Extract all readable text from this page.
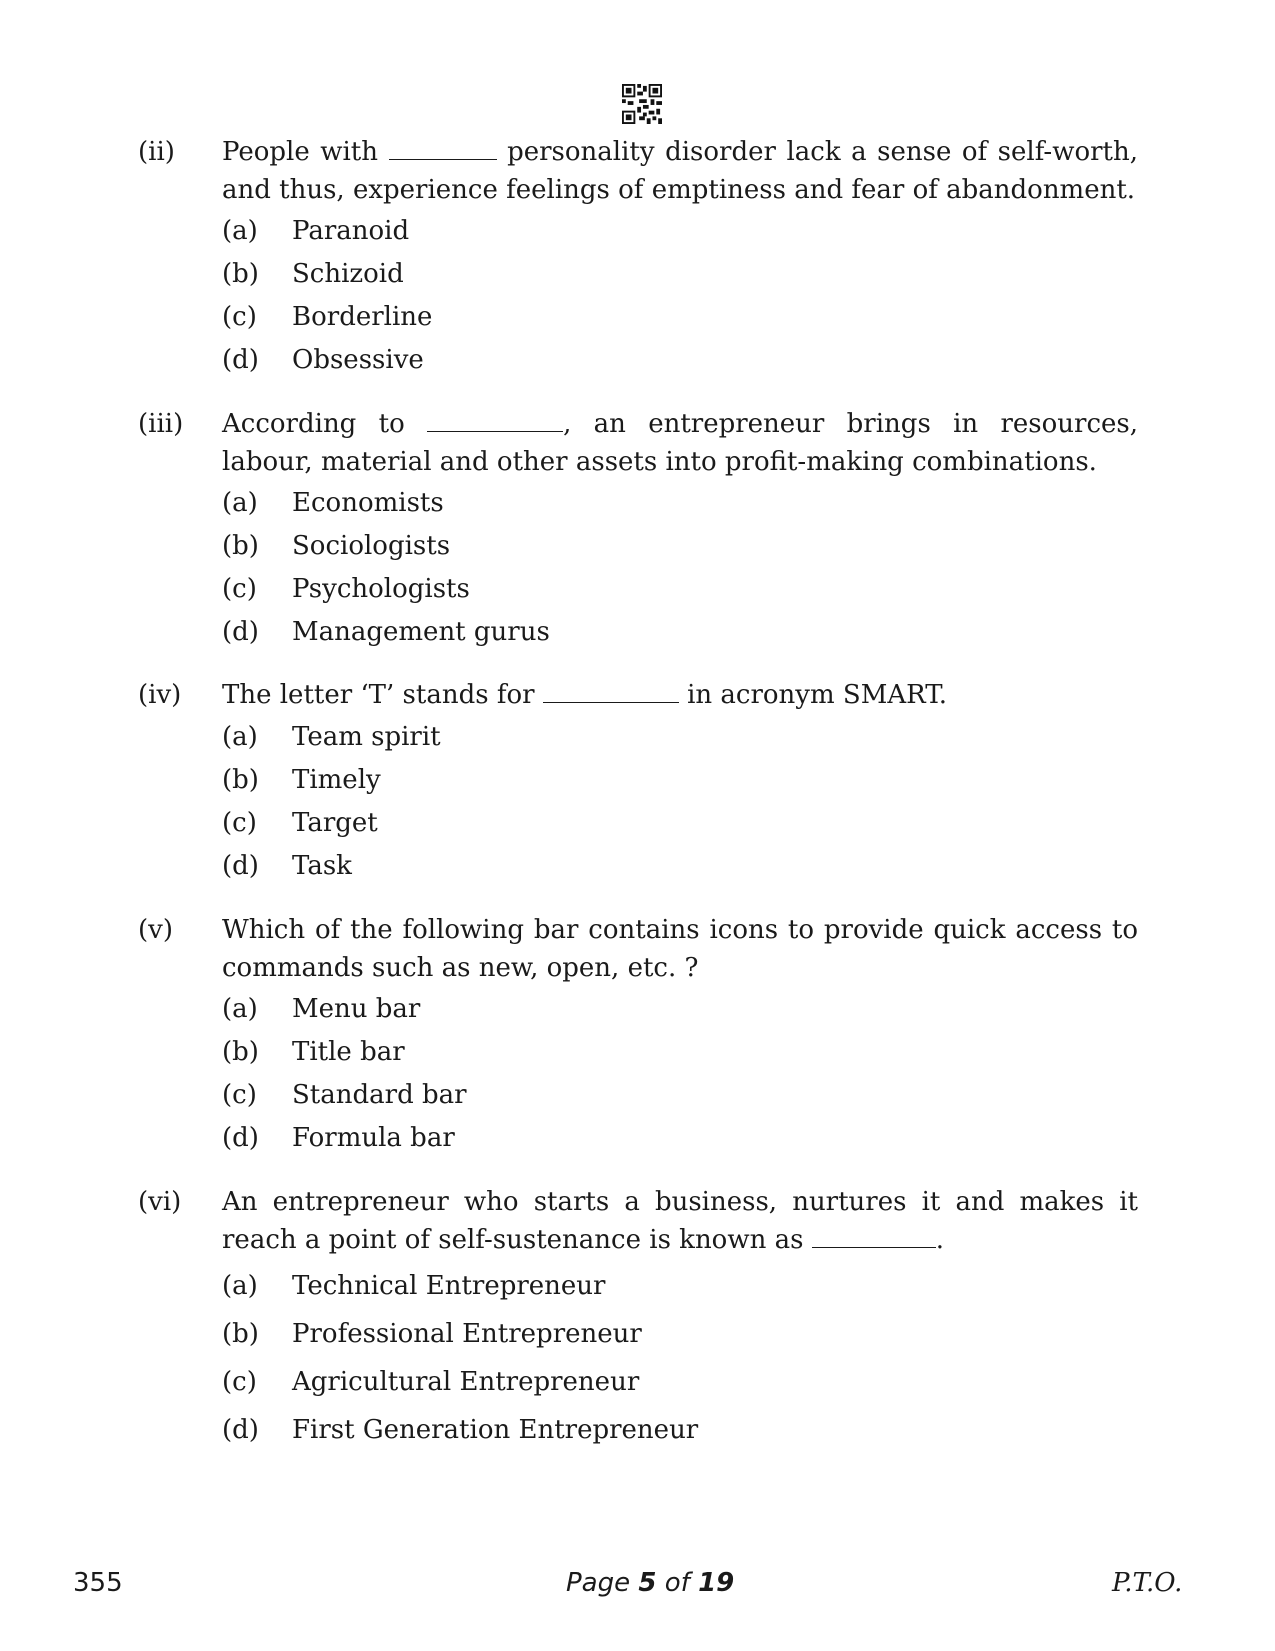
(ii) People with	personality disorder lack a sense of self-worth, and thus, experience feelings of emptiness and fear of abandonment.
(a) Paranoid
(b) Schizoid
(c) Borderline
(d) Obsessive
(iii) According to	, an entrepreneur brings in resources, labour, material and other assets into profit-making combinations.
(a) Economists
(b) Sociologists
(c) Psychologists
(d) Management gurus
(iv) The letter ‘T’ stands for	in acronym SMART.
(a) Team spirit
(b) Timely
(c) Target
(d) Task
(v) Which of the following bar contains icons to provide quick access to commands such as new, open, etc. ?
(a) Menu bar
(b) Title bar
(c) Standard bar
(d) Formula bar
(vi) An entrepreneur who starts a business, nurtures it and makes it reach a point of self-sustenance is known as	.
(a) Technical Entrepreneur
(b) Professional Entrepreneur
(c) Agricultural Entrepreneur
(d) First Generation Entrepreneur
355	Page 5 of 19	P.T.O.
